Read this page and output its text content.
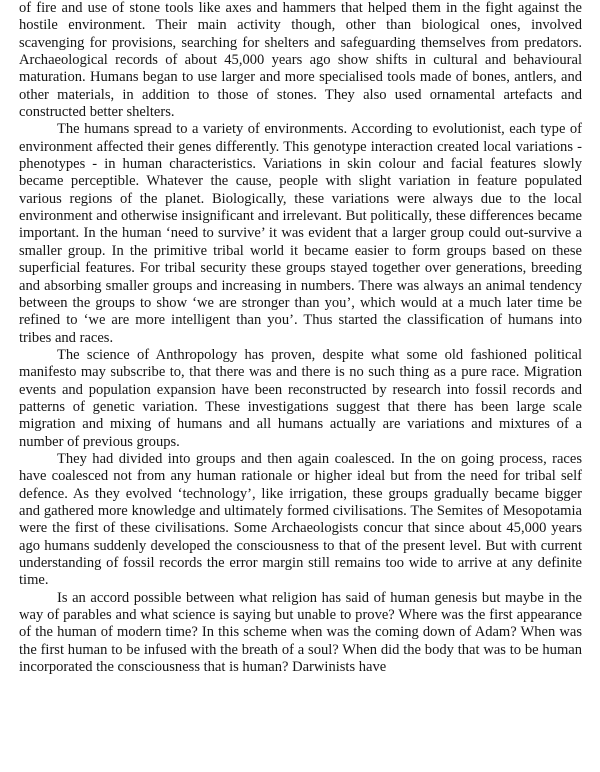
of fire and use of stone tools like axes and hammers that helped them in the fight against the hostile environment. Their main activity though, other than biological ones, involved scavenging for provisions, searching for shelters and safeguarding themselves from predators. Archaeological records of about 45,000 years ago show shifts in cultural and behavioural maturation. Humans began to use larger and more specialised tools made of bones, antlers, and other materials, in addition to those of stones. They also used ornamental artefacts and constructed better shelters.

The humans spread to a variety of environments. According to evolutionist, each type of environment affected their genes differently. This genotype interaction created local variations - phenotypes - in human characteristics. Variations in skin colour and facial features slowly became perceptible. Whatever the cause, people with slight variation in feature populated various regions of the planet. Biologically, these variations were always due to the local environment and otherwise insignificant and irrelevant. But politically, these differences became important. In the human ‘need to survive’ it was evident that a larger group could out-survive a smaller group. In the primitive tribal world it became easier to form groups based on these superficial features. For tribal security these groups stayed together over generations, breeding and absorbing smaller groups and increasing in numbers. There was always an animal tendency between the groups to show ‘we are stronger than you’, which would at a much later time be refined to ‘we are more intelligent than you’. Thus started the classification of humans into tribes and races.

The science of Anthropology has proven, despite what some old fashioned political manifesto may subscribe to, that there was and there is no such thing as a pure race. Migration events and population expansion have been reconstructed by research into fossil records and patterns of genetic variation. These investigations suggest that there has been large scale migration and mixing of humans and all humans actually are variations and mixtures of a number of previous groups.

They had divided into groups and then again coalesced. In the on going process, races have coalesced not from any human rationale or higher ideal but from the need for tribal self defence. As they evolved ‘technology’, like irrigation, these groups gradually became bigger and gathered more knowledge and ultimately formed civilisations. The Semites of Mesopotamia were the first of these civilisations. Some Archaeologists concur that since about 45,000 years ago humans suddenly developed the consciousness to that of the present level. But with current understanding of fossil records the error margin still remains too wide to arrive at any definite time.

Is an accord possible between what religion has said of human genesis but maybe in the way of parables and what science is saying but unable to prove? Where was the first appearance of the human of modern time? In this scheme when was the coming down of Adam? When was the first human to be infused with the breath of a soul? When did the body that was to be human incorporated the consciousness that is human? Darwinists have
